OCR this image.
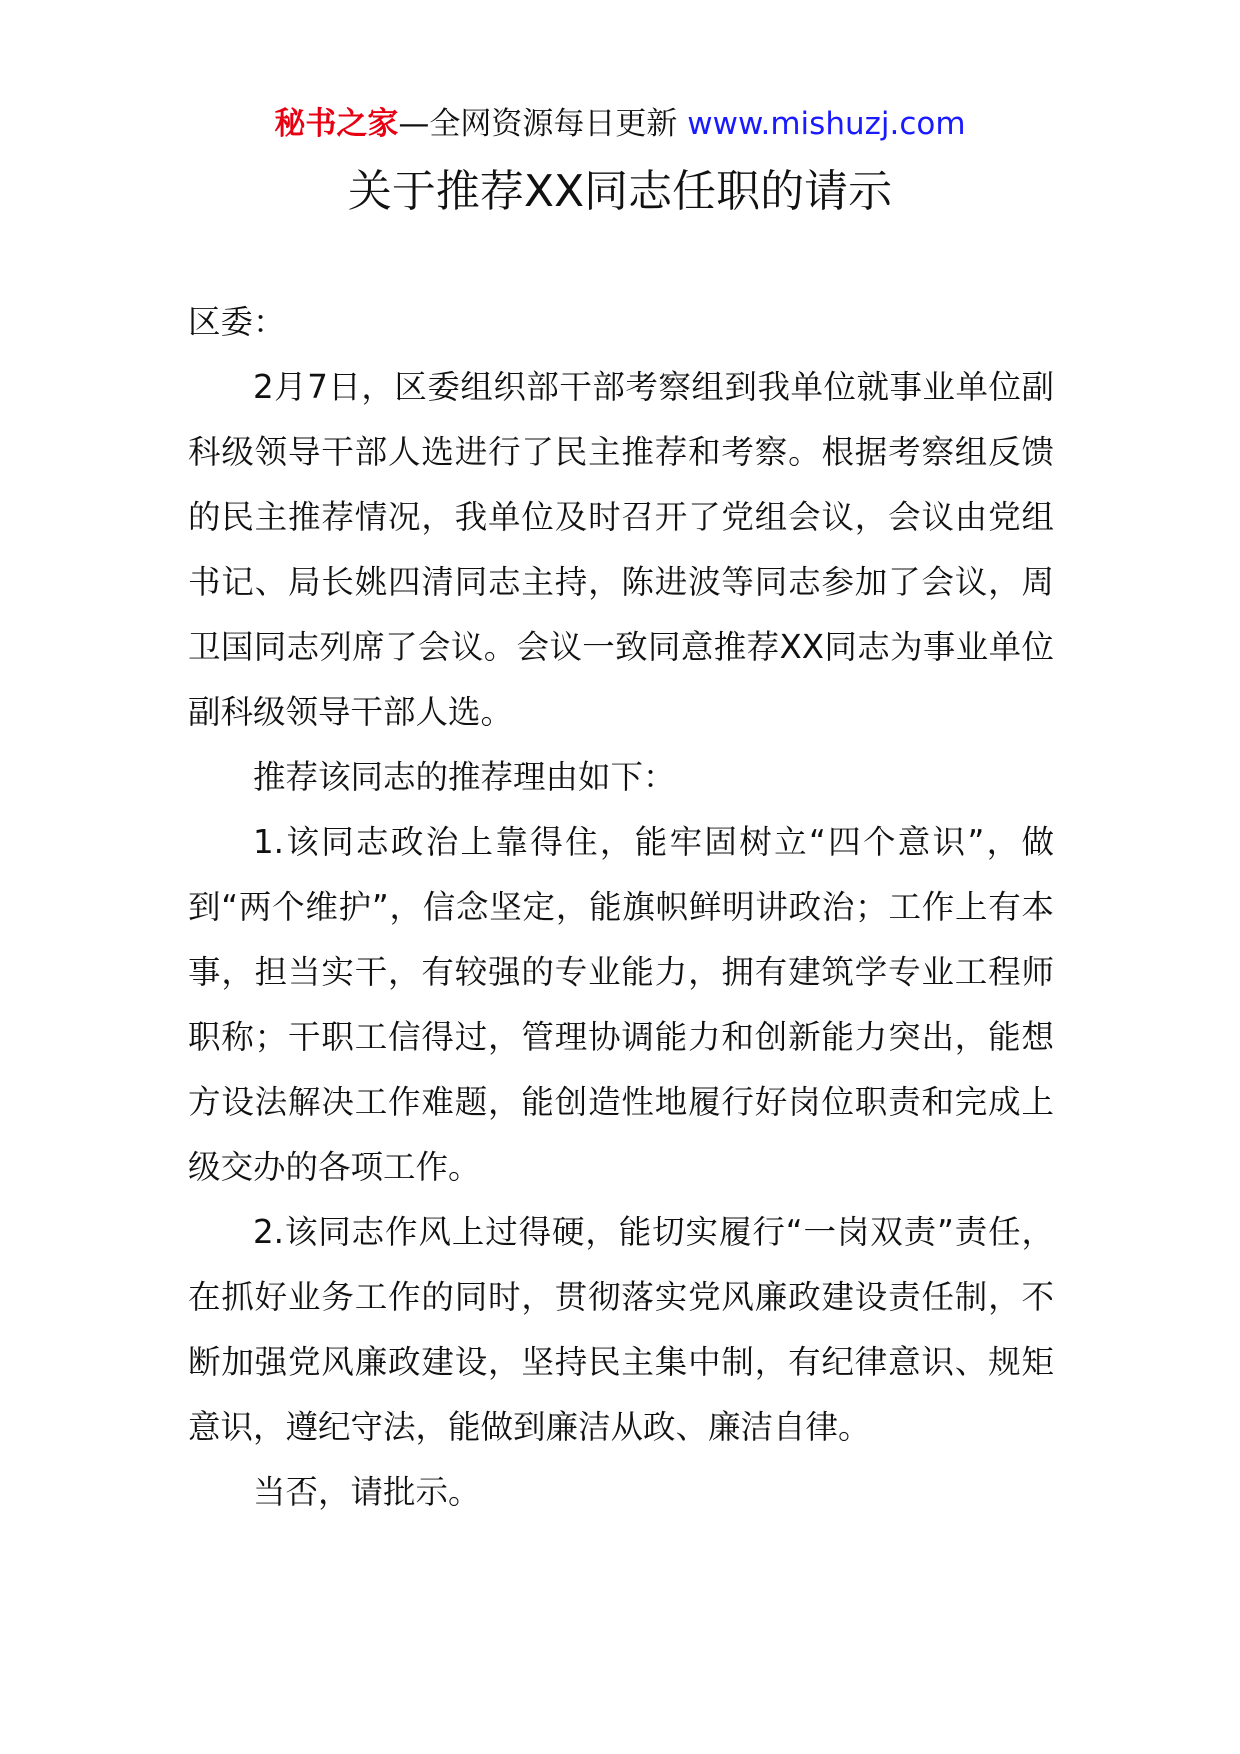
秘书之家—全网资源每日更新 www.mishuzj.com
关于推荐XX同志任职的请示

区委：

2月7日，区委组织部干部考察组到我单位就事业单位副科级领导干部人选进行了民主推荐和考察。根据考察组反馈的民主推荐情况，我单位及时召开了党组会议，会议由党组书记、局长姚四清同志主持，陈进波等同志参加了会议，周卫国同志列席了会议。会议一致同意推荐XX同志为事业单位副科级领导干部人选。

推荐该同志的推荐理由如下：

1.该同志政治上靠得住，能牢固树立“四个意识”，做到“两个维护”，信念坚定，能旗帜鲜明讲政治；工作上有本事，担当实干，有较强的专业能力，拥有建筑学专业工程师职称；干职工信得过，管理协调能力和创新能力突出，能想方设法解决工作难题，能创造性地履行好岗位职责和完成上级交办的各项工作。

2.该同志作风上过得硬，能切实履行“一岗双责”责任，在抓好业务工作的同时，贯彻落实党风廉政建设责任制，不断加强党风廉政建设，坚持民主集中制，有纪律意识、规矩意识，遵纪守法，能做到廉洁从政、廉洁自律。

当否，请批示。
